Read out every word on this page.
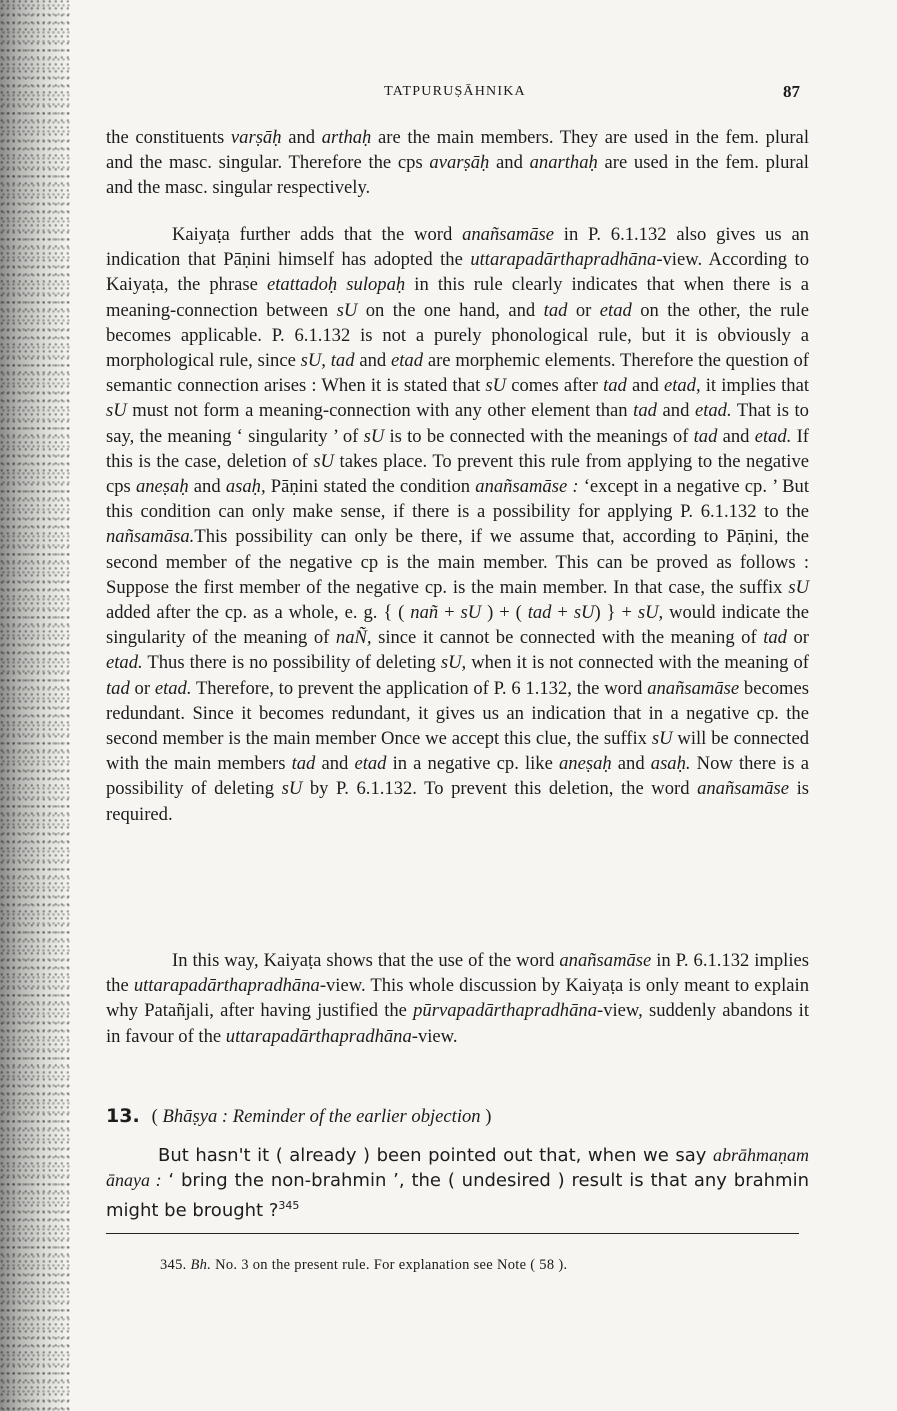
TATPURUṢĀHNIKA	87

the constituents varṣāḥ and arthaḥ are the main members. They are used in the fem. plural and the masc. singular. Therefore the cps avarṣāḥ and anarthaḥ are used in the fem. plural and the masc. singular respectively.

Kaiyaṭa further adds that the word anañsamāse in P. 6.1.132 also gives us an indication that Pāṇini himself has adopted the uttarapadārthapradhāna-view. According to Kaiyaṭa, the phrase etattadoḥ sulopaḥ in this rule clearly indicates that when there is a meaning-connection between sU on the one hand, and tad or etad on the other, the rule becomes applicable. P. 6.1.132 is not a purely phonological rule, but it is obviously a morphological rule, since sU, tad and etad are morphemic elements. Therefore the question of semantic connection arises : When it is stated that sU comes after tad and etad, it implies that sU must not form a meaning-connection with any other element than tad and etad. That is to say, the meaning ‘ singularity ’ of sU is to be connected with the meanings of tad and etad. If this is the case, deletion of sU takes place. To prevent this rule from applying to the negative cps aneṣaḥ and asaḥ, Pāṇini stated the condition anañsamāse : ‘except in a negative cp. ’ But this condition can only make sense, if there is a possibility for applying P. 6.1.132 to the nañsamāsa.This possibility can only be there, if we assume that, according to Pāṇini, the second member of the negative cp is the main member. This can be proved as follows : Suppose the first member of the negative cp. is the main member. In that case, the suffix sU added after the cp. as a whole, e. g. { ( nañ + sU ) + ( tad + sU) } + sU, would indicate the singularity of the meaning of naÑ, since it cannot be connected with the meaning of tad or etad. Thus there is no possibility of deleting sU, when it is not connected with the meaning of tad or etad. Therefore, to prevent the application of P. 6 1.132, the word anañsamāse becomes redundant. Since it becomes redundant, it gives us an indication that in a negative cp. the second member is the main member Once we accept this clue, the suffix sU will be connected with the main members tad and etad in a negative cp. like aneṣaḥ and asaḥ. Now there is a possibility of deleting sU by P. 6.1.132. To prevent this deletion, the word anañsamāse is required.

In this way, Kaiyaṭa shows that the use of the word anañsamāse in P. 6.1.132 implies the uttarapadārthapradhāna-view. This whole discussion by Kaiyaṭa is only meant to explain why Patañjali, after having justified the pūrvapadārthapradhāna-view, suddenly abandons it in favour of the uttarapadārthapradhāna-view.

13. ( Bhāṣya : Reminder of the earlier objection )

But hasn't it ( already ) been pointed out that, when we say abrāhmaṇam ānaya : ‘ bring the non-brahmin ’, the ( undesired ) result is that any brahmin might be brought ?$^{345}$

345. Bh. No. 3 on the present rule. For explanation see Note ( 58 ).
